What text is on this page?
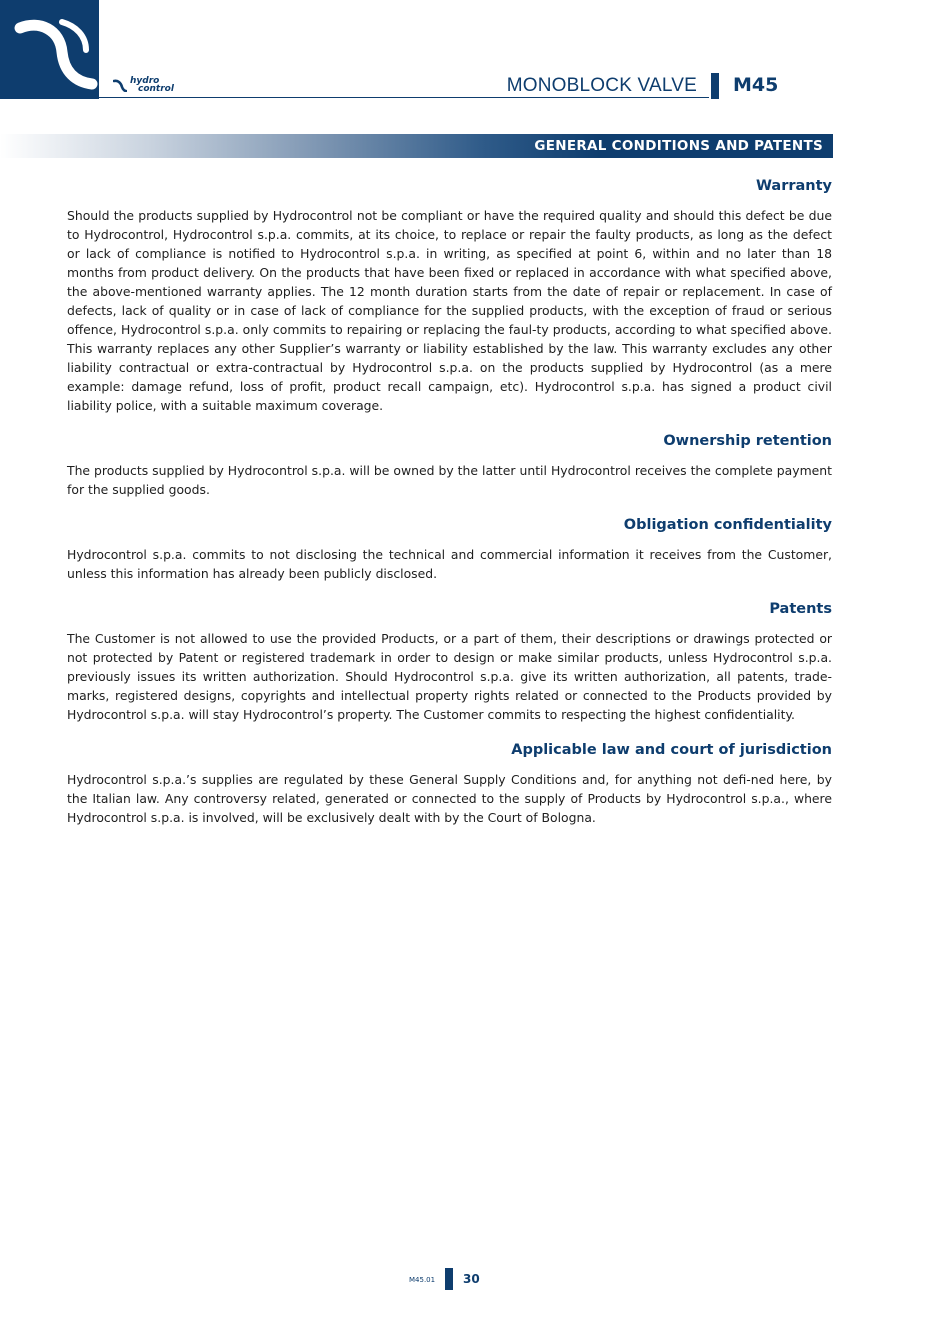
hydro
control	MONOBLOCK VALVE M45
GENERAL CONDITIONS AND PATENTS
Warranty

Should the products supplied by Hydrocontrol not be compliant or have the required quality and should this defect be due to Hydrocontrol, Hydrocontrol s.p.a. commits, at its choice, to replace or repair the faulty products, as long as the defect or lack of compliance is notified to Hydrocontrol s.p.a. in writing, as specified at point 6, within and no later than 18 months from product delivery. On the products that have been fixed or replaced in accordance with what specified above, the above-mentioned warranty applies. The 12 month duration starts from the date of repair or replacement. In case of defects, lack of quality or in case of lack of compliance for the supplied products, with the exception of fraud or serious offence, Hydrocontrol s.p.a. only commits to repairing or replacing the faul-ty products, according to what specified above. This warranty replaces any other Supplier’s warranty or liability established by the law. This warranty excludes any other liability contractual or extra-contractual by Hydrocontrol s.p.a. on the products supplied by Hydrocontrol (as a mere example: damage refund, loss of profit, product recall campaign, etc). Hydrocontrol s.p.a. has signed a product civil liability police, with a suitable maximum coverage.

Ownership retention

The products supplied by Hydrocontrol s.p.a. will be owned by the latter until Hydrocontrol receives the complete payment for the supplied goods.

Obligation confidentiality

Hydrocontrol s.p.a. commits to not disclosing the technical and commercial information it receives from the Customer, unless this information has already been publicly disclosed.

Patents

The Customer is not allowed to use the provided Products, or a part of them, their descriptions or drawings protected or not protected by Patent or registered trademark in order to design or make similar products, unless Hydrocontrol s.p.a. previously issues its written authorization. Should Hydrocontrol s.p.a. give its written authorization, all patents, trade-marks, registered designs, copyrights and intellectual property rights related or connected to the Products provided by Hydrocontrol s.p.a. will stay Hydrocontrol’s property. The Customer commits to respecting the highest confidentiality.

Applicable law and court of jurisdiction

Hydrocontrol s.p.a.’s supplies are regulated by these General Supply Conditions and, for anything not defi-ned here, by the Italian law. Any controversy related, generated or connected to the supply of Products by Hydrocontrol s.p.a., where Hydrocontrol s.p.a. is involved, will be exclusively dealt with by the Court of Bologna.

M45.01 30
